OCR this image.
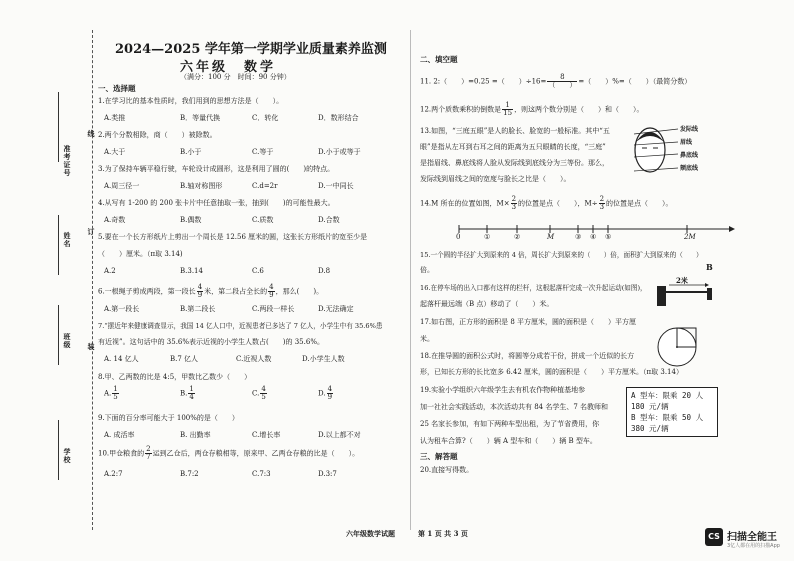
准考证号
线
姓名 订
班级 装
学校
2024—2025 学年第一学期学业质量素养监测
六年级　数学
（满分：100 分　时间：90 分钟）
一、选择题
1.在学习比的基本性质时，我们用到的思想方法是（　　）。
A.类推	B．等量代换	C．转化	D．数形结合
2.两个分数相除，商（　　）被除数。
A.大于	B.小于	C.等于	D.小于或等于
3.为了保持车辆平稳行驶，车轮设计成圆形，这是利用了圆的(　　)的特点。
A.周三径一	B.轴对称图形	C.d=2r	D.一中同长
4.从写有 1-200 的 200 张卡片中任意抽取一张，抽到(　　)的可能性最大。
A.奇数	B.偶数	C.质数	D.合数
5.要在一个长方形纸片上剪出一个周长是 12.56 厘米的圆，这张长方形纸片的宽至少是
（　　）厘米。（π取 3.14)
A.2	B.3.14	C.6	D.8
6.一根绳子剪成两段，第一段长 $\frac{4}{9}$ 米，第二段占全长的 $\frac{4}{9}$ ，那么(　　)。
A.第一段长	B.第二段长	C.两段一样长	D.无法确定
7.“摆近年来健康调查显示，我国 14 亿人口中，近视患者已多达了 7 亿人，小学生中有 35.6%患
有近视”。这句话中的 35.6%表示近视的小学生人数占(　　)的 35.6%。
A. 14 亿人	B.7 亿人	C.近视人数	D.小学生人数
8.甲、乙两数的比是 4:5，甲数比乙数少（　　）
A. $\frac{1}{5}$	B. $\frac{1}{4}$	C. $\frac{4}{5}$	D. $\frac{4}{9}$
9.下面的百分率可能大于 100%的是（　　）
A. 成活率	B. 出勤率	C.增长率	D.以上都不对
10.甲仓粮食的 $\frac{2}{7}$ 运到乙仓后，两仓存粮相等，原来甲、乙两仓存粮的比是（　　）。
A.2:7	B.7:2	C.7:3	D.3:7
二、填空题
11. 2:（　　）=0.25 =（　　）$\div 16= \frac{8}{( )}$ =（　　）%=（　　）（最简分数）
12.两个质数乘积的倒数是 $\frac{1}{15}$ ，则这两个数分别是（　　）和（　　）。
13.如图，“三庭五眼”是人的脸长、脸宽的一般标准。其中“五
眼”是指从左耳到右耳之间的距离为五只眼睛的长度，“三庭”
是指眉线、鼻底线将人脸从发际线到底线分为三等份。那么，
发际线到眉线之间的宽度与脸长之比是（　　）。
发际线
眉线
鼻底线
颏底线
14.M 所在的位置如图，$M\times \frac{2}{3}$ 的位置是点（　　），$M\div \frac{2}{3}$ 的位置是点（　　）。
0	①	②	M	③ ④ ⑤	2M
15.一个圆的半径扩大到原来的 4 倍，周长扩大到原来的（　　）倍，面积扩大到原来的（　　）
倍。
16.在停车场的出入口都有这样的栏杆，这根起落杆完成一次升起运动(如图)，
起落杆最远端（B 点）移动了（　　）米。
B
2米
17.如右图，正方形的面积是 8 平方厘米，圆的面积是（　　）平方厘
米。
18.在推导圆的面积公式时，将圆等分成若干份，拼成一个近似的长方
形，已知长方形的长比宽多 6.42 厘米，圆的面积是（　　）平方厘米。（π取 3.14）
19.实验小学组织六年级学生去有机农作物种植基地参
加一社社会实践活动，本次活动共有 84 名学生、7 名教师和
25 名家长参加，有如下两种车型出租，为了节省费用，你
认为租车合算?（　　）辆 A 型车和（　　）辆 B 型车。
A 型车：限乘 20 人
180 元/辆
B 型车：限乘 50 人
380 元/辆
三、解答题
20.直接写得数。
六年级数学试题	第 1 页 共 3 页	CS 扫描全能王
3亿人都在用的扫描App
